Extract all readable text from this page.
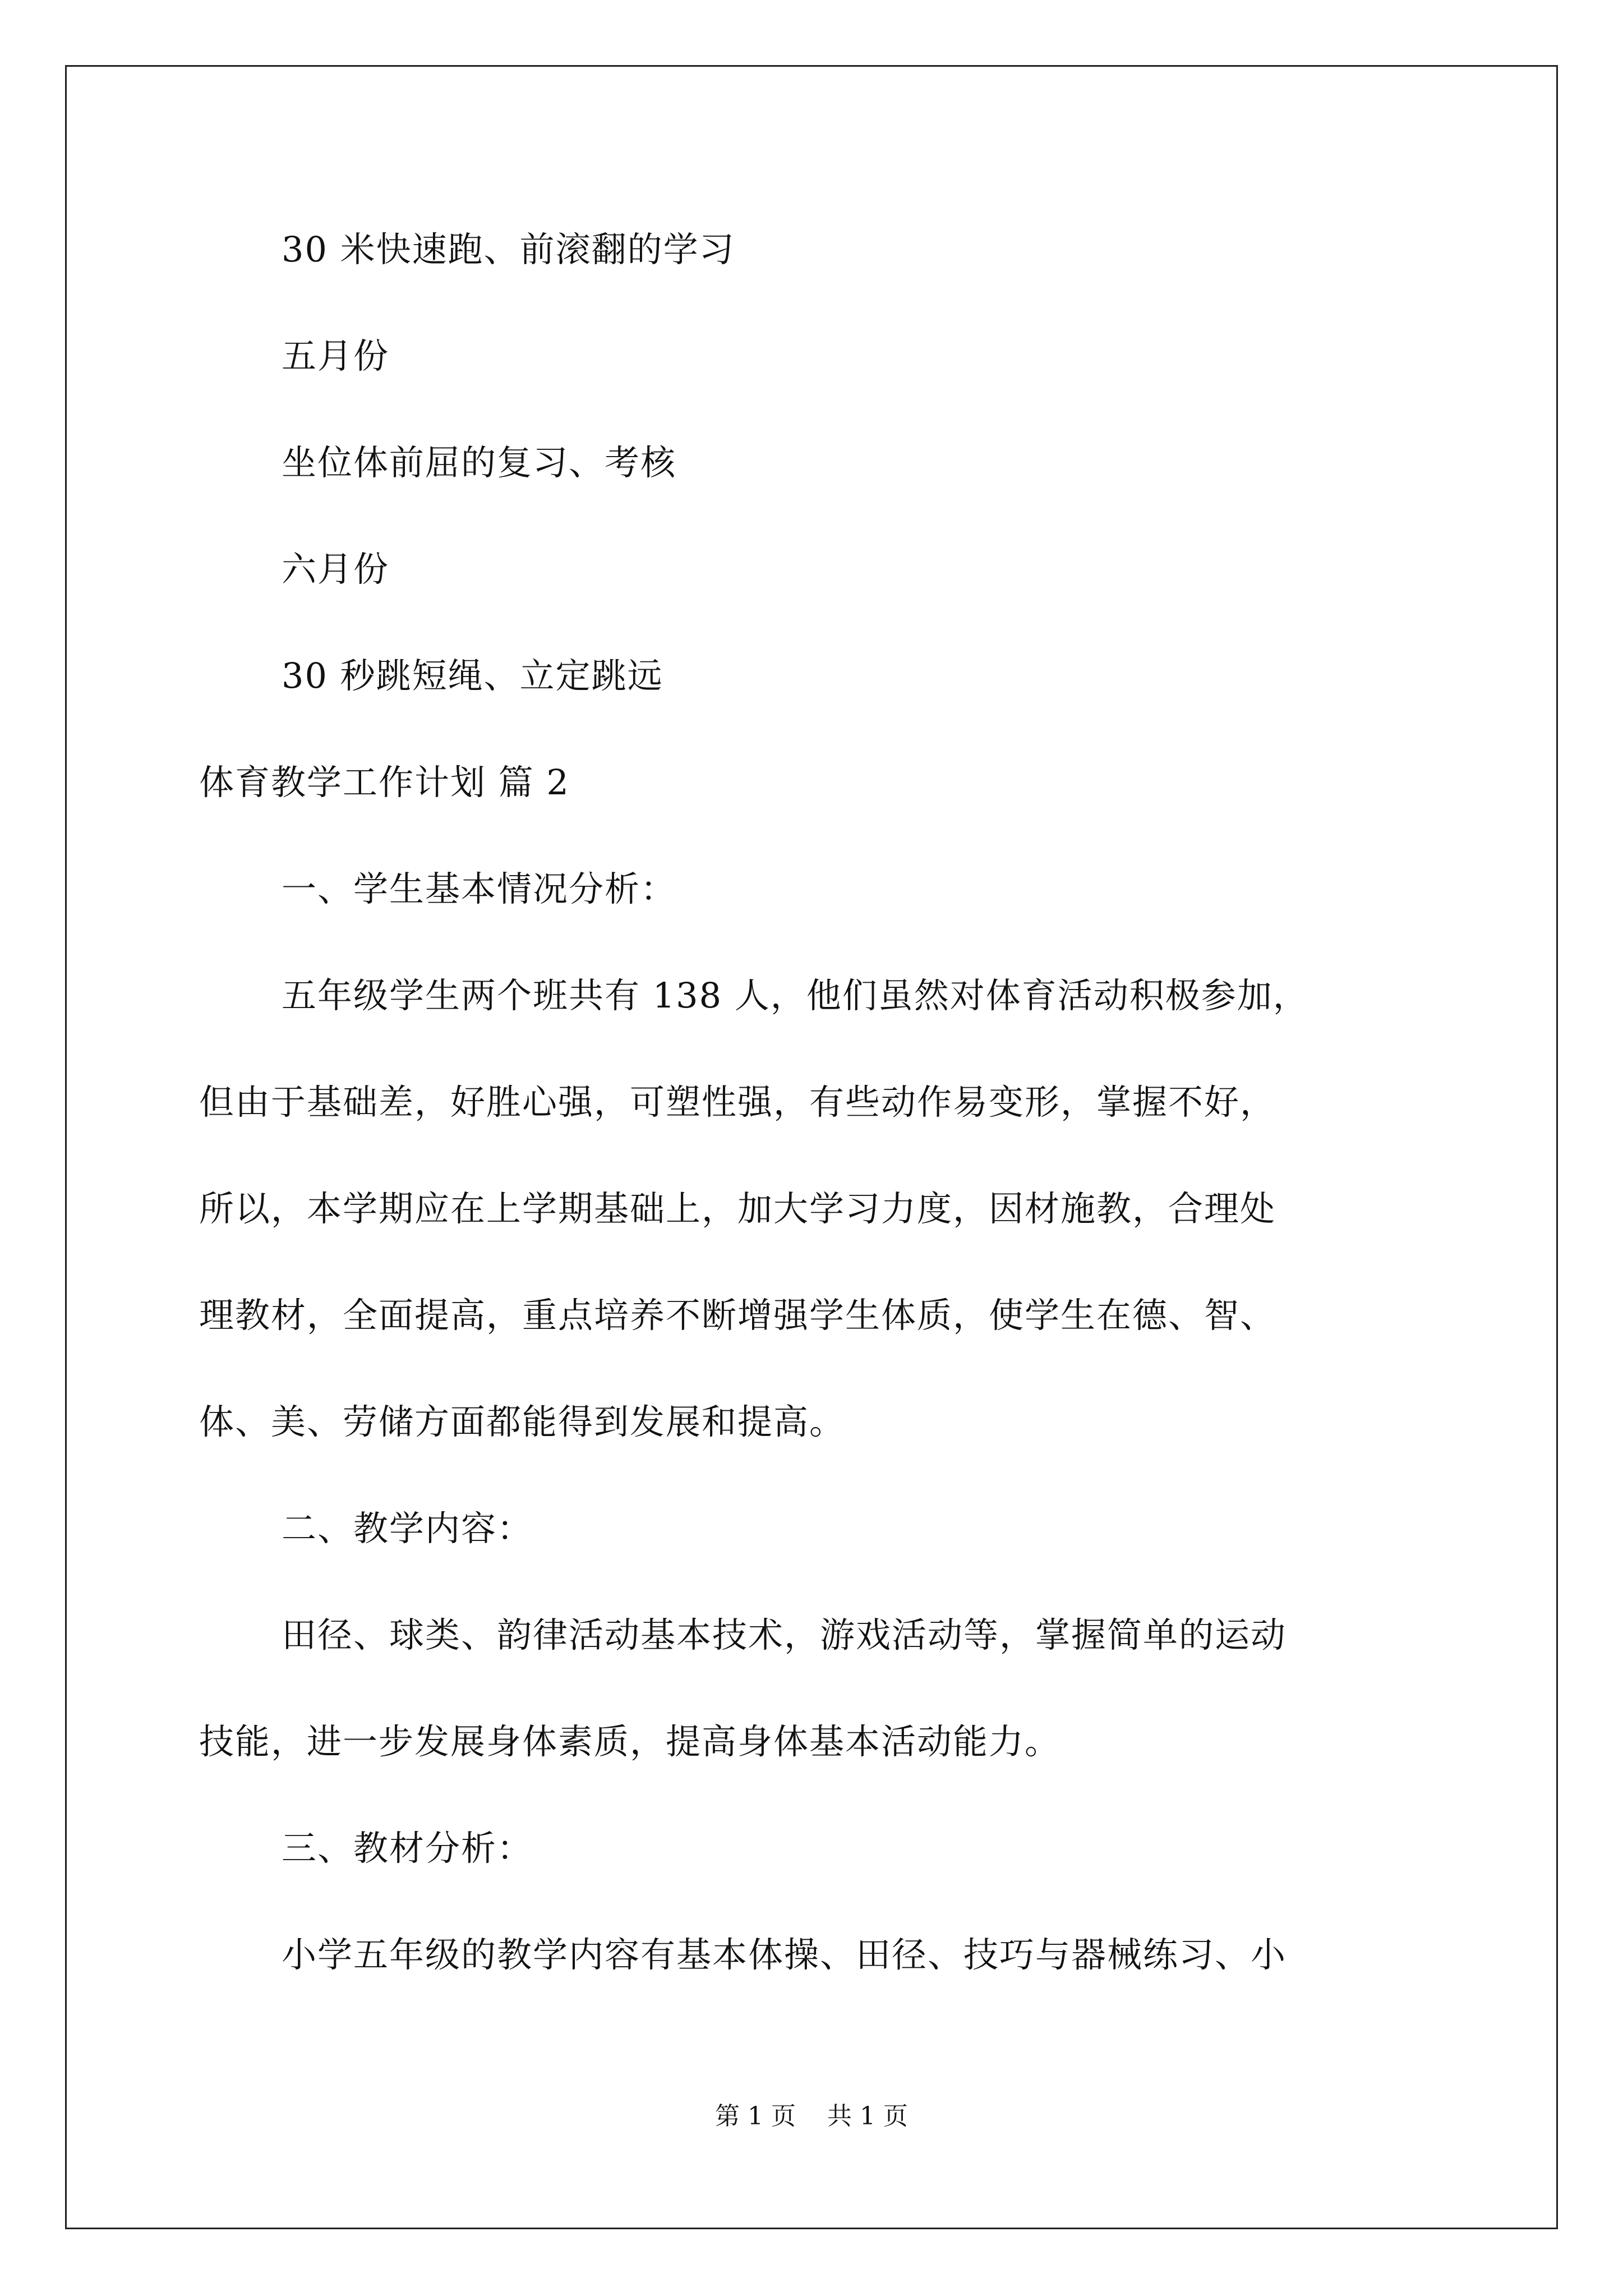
30 米快速跑、前滚翻的学习
五月份
坐位体前屈的复习、考核
六月份
30 秒跳短绳、立定跳远
体育教学工作计划 篇 2
一、学生基本情况分析：
五年级学生两个班共有 138 人，他们虽然对体育活动积极参加，
但由于基础差，好胜心强，可塑性强，有些动作易变形，掌握不好，
所以，本学期应在上学期基础上，加大学习力度，因材施教，合理处
理教材，全面提高，重点培养不断增强学生体质，使学生在德、智、
体、美、劳储方面都能得到发展和提高。
二、教学内容：
田径、球类、韵律活动基本技术，游戏活动等，掌握简单的运动
技能，进一步发展身体素质，提高身体基本活动能力。
三、教材分析：
小学五年级的教学内容有基本体操、田径、技巧与器械练习、小
第 1 页    共 1 页
